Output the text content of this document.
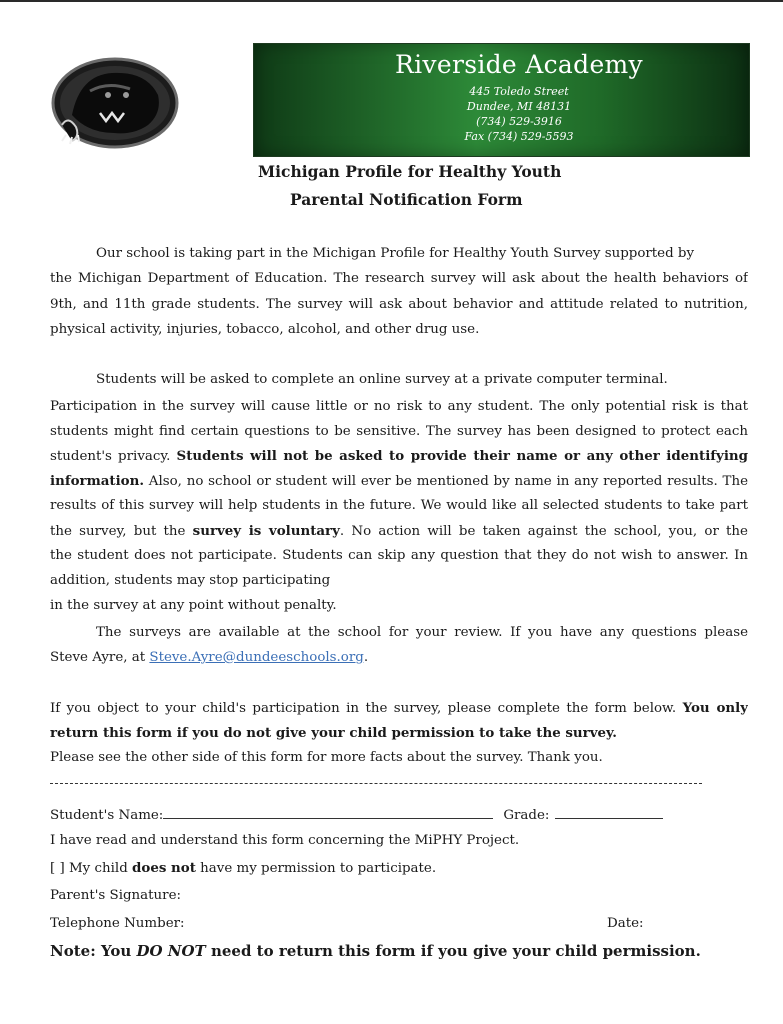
Riverside Academy
445 Toledo Street
Dundee, MI 48131
(734) 529-3916
Fax (734) 529-5593
Michigan Profile for Healthy Youth
Parental Notification Form
Our school is taking part in the Michigan Profile for Healthy Youth Survey supported by
the Michigan Department of Education. The research survey will ask about the health behaviors of
9th, and 11th grade students. The survey will ask about behavior and attitude related to nutrition,
physical activity, injuries, tobacco, alcohol, and other drug use.
Students will be asked to complete an online survey at a private computer terminal.
Participation in the survey will cause little or no risk to any student. The only potential risk is that
students might find certain questions to be sensitive. The survey has been designed to protect each
student's privacy. Students will not be asked to provide their name or any other identifying
information. Also, no school or student will ever be mentioned by name in any reported results. The
results of this survey will help students in the future. We would like all selected students to take part
the survey, but the survey is voluntary. No action will be taken against the school, you, or the
the student does not participate. Students can skip any question that they do not wish to answer. In
addition, students may stop participating
in the survey at any point without penalty.
The surveys are available at the school for your review. If you have any questions please
Steve Ayre, at Steve.Ayre@dundeeschools.org.
If you object to your child's participation in the survey, please complete the form below. You only
return this form if you do not give your child permission to take the survey.
Please see the other side of this form for more facts about the survey. Thank you.
Student's Name:	Grade:
I have read and understand this form concerning the MiPHY Project.
[ ] My child does not have my permission to participate.
Parent's Signature:
Telephone Number:	Date:
Note: You DO NOT need to return this form if you give your child permission.
